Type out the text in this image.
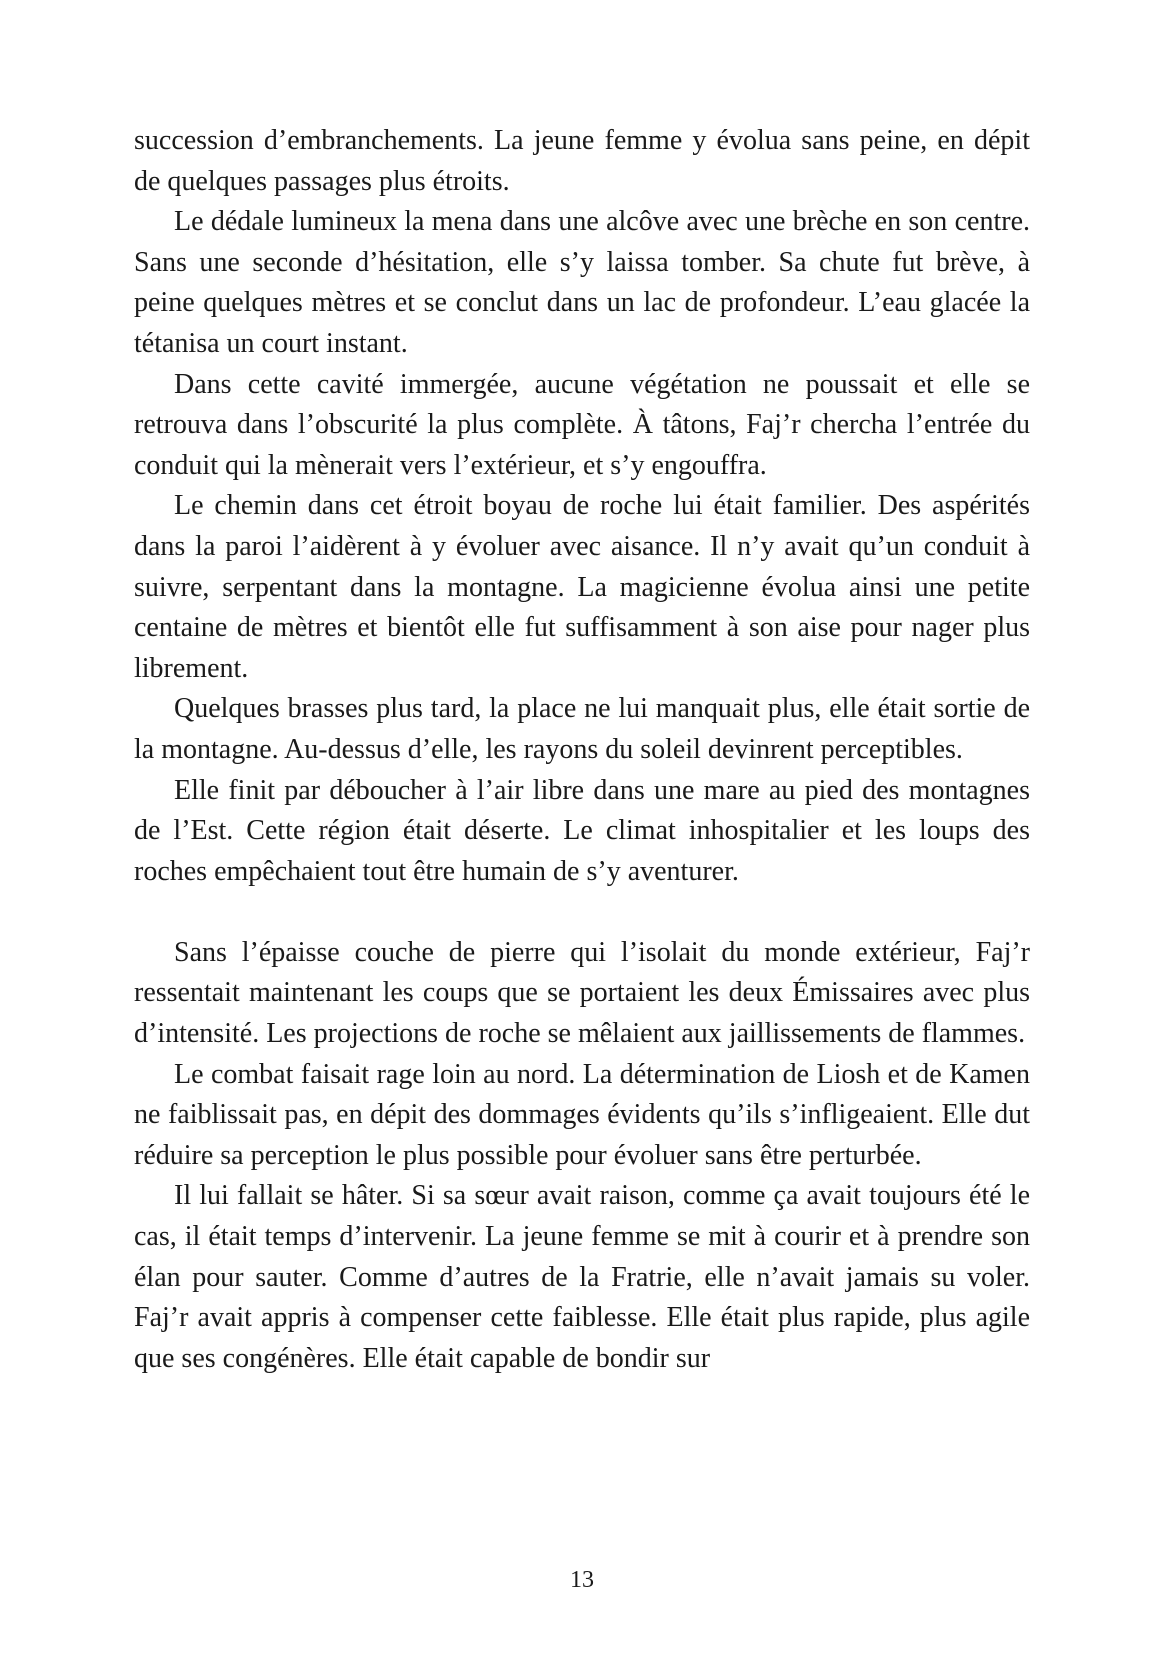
succession d’embranchements. La jeune femme y évolua sans peine, en dépit de quelques passages plus étroits.

Le dédale lumineux la mena dans une alcôve avec une brèche en son centre. Sans une seconde d’hésitation, elle s’y laissa tomber. Sa chute fut brève, à peine quelques mètres et se conclut dans un lac de profondeur. L’eau glacée la tétanisa un court instant.

Dans cette cavité immergée, aucune végétation ne poussait et elle se retrouva dans l’obscurité la plus complète. À tâtons, Faj’r chercha l’entrée du conduit qui la mènerait vers l’extérieur, et s’y engouffra.

Le chemin dans cet étroit boyau de roche lui était familier. Des aspérités dans la paroi l’aidèrent à y évoluer avec aisance. Il n’y avait qu’un conduit à suivre, serpentant dans la montagne. La magicienne évolua ainsi une petite centaine de mètres et bientôt elle fut suffisamment à son aise pour nager plus librement.

Quelques brasses plus tard, la place ne lui manquait plus, elle était sortie de la montagne. Au-dessus d’elle, les rayons du soleil devinrent perceptibles.

Elle finit par déboucher à l’air libre dans une mare au pied des montagnes de l’Est. Cette région était déserte. Le climat inhospitalier et les loups des roches empêchaient tout être humain de s’y aventurer.

Sans l’épaisse couche de pierre qui l’isolait du monde extérieur, Faj’r ressentait maintenant les coups que se portaient les deux Émissaires avec plus d’intensité. Les projections de roche se mêlaient aux jaillissements de flammes.

Le combat faisait rage loin au nord. La détermination de Liosh et de Kamen ne faiblissait pas, en dépit des dommages évidents qu’ils s’infligeaient. Elle dut réduire sa perception le plus possible pour évoluer sans être perturbée.

Il lui fallait se hâter. Si sa sœur avait raison, comme ça avait toujours été le cas, il était temps d’intervenir. La jeune femme se mit à courir et à prendre son élan pour sauter. Comme d’autres de la Fratrie, elle n’avait jamais su voler. Faj’r avait appris à compenser cette faiblesse. Elle était plus rapide, plus agile que ses congénères. Elle était capable de bondir sur

13
